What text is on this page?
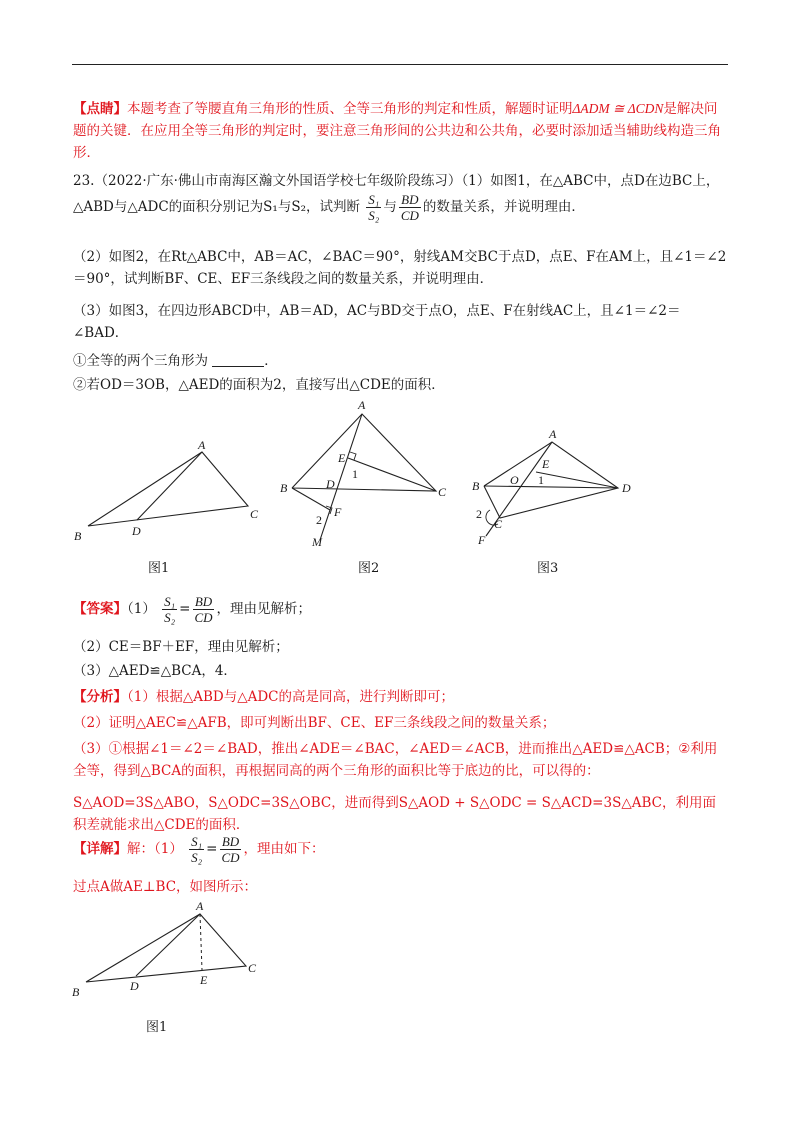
【点睛】本题考查了等腰直角三角形的性质、全等三角形的判定和性质，解题时证明ΔADM ≅ ΔCDN是解决问题的关键．在应用全等三角形的判定时，要注意三角形间的公共边和公共角，必要时添加适当辅助线构造三角形．
23.（2022·广东·佛山市南海区瀚文外国语学校七年级阶段练习）（1）如图1，在△ABC中，点D在边BC上，△ABD与△ADC的面积分别记为S₁与S₂，试判断 $\frac{\text{S₁}}{\text{S₂}}$ 与 $\frac{BD}{CD}$ 的数量关系，并说明理由．
（2）如图2，在Rt△ABC中，AB＝AC，∠BAC＝90°，射线AM交BC于点D，点E、F在AM上，且∠1＝∠2＝90°，试判断BF、CE、EF三条线段之间的数量关系，并说明理由．
（3）如图3，在四边形ABCD中，AB＝AD，AC与BD交于点O，点E、F在射线AC上，且∠1＝∠2＝∠BAD．
①全等的两个三角形为	．
②若OD＝3OB，△AED的面积为2，直接写出△CDE的面积．
A
B
C
D
图1
A
B	C
D
E
F
M
1
2
图2
A
B
C
D
E
F
O 1
2
图3
【答案】$(1) \frac{\text{S₁}}{\text{S₂}} = \frac{BD}{CD}$ ，理由见解析；
（2）CE＝BF＋EF，理由见解析；
（3）△AED≌△BCA，4．
【分析】（1）根据△ABD与△ADC的高是同高，进行判断即可；
（2）证明△AEC≌△AFB，即可判断出BF、CE、EF三条线段之间的数量关系；
（3）①根据∠1＝∠2＝∠BAD，推出∠ADE＝∠BAC，∠AED＝∠ACB，进而推出△AED≌△ACB；②利用全等，得到△BCA的面积，再根据同高的两个三角形的面积比等于底边的比，可以得的：
S△AOD=3S△ABO，S△ODC=3S△OBC，进而得到S△AOD + S△ODC = S△ACD=3S△ABC，利用面积差就能求出△CDE的面积．
【详解】解：$(1) \frac{\text{S₁}}{\text{S₂}} = \frac{BD}{CD}$ ，理由如下：
过点A做AE⊥BC，如图所示：
A
B
C
D	E
图1
